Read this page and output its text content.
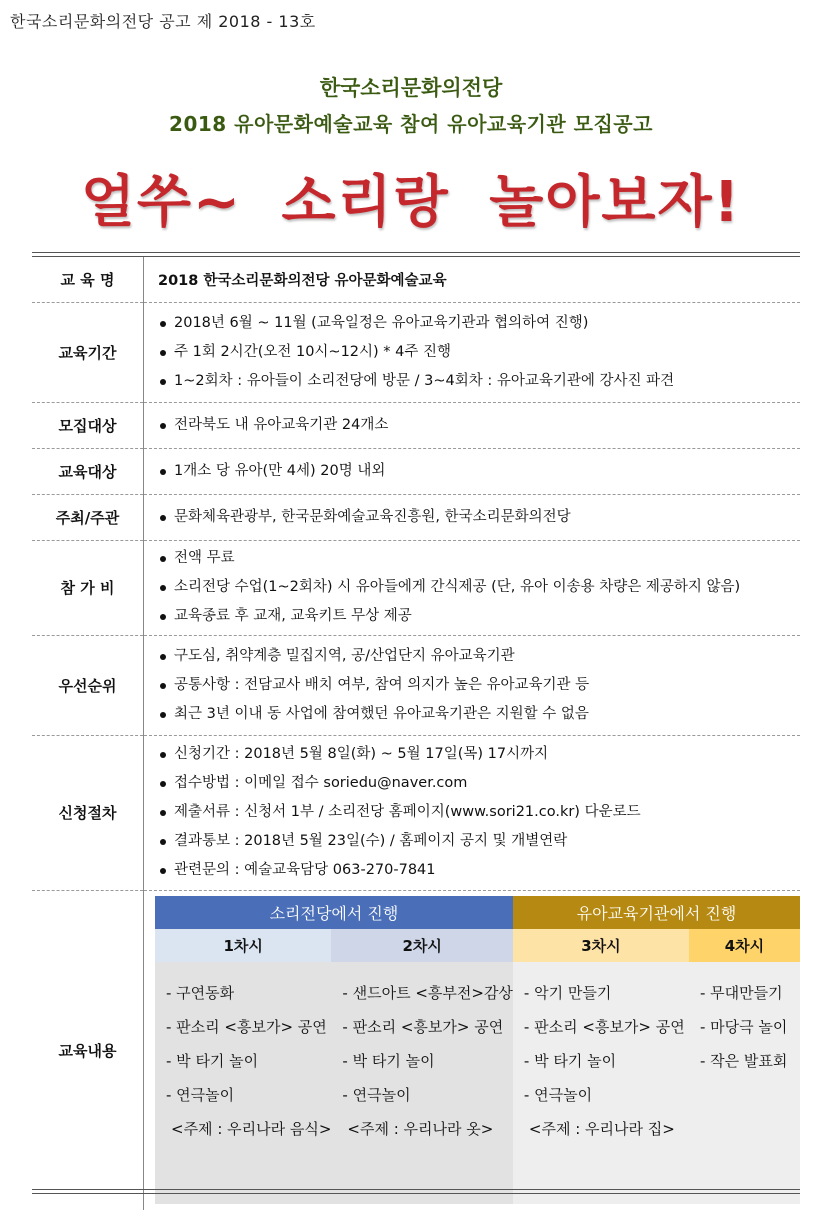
한국소리문화의전당 공고 제 2018 - 13호
한국소리문화의전당
2018 유아문화예술교육 참여 유아교육기관 모집공고
얼쑤~ 소리랑 놀아보자!
교 육 명	2018 한국소리문화의전당 유아문화예술교육
교육기간	
2018년 6월 ~ 11월 (교육일정은 유아교육기관과 협의하여 진행)
주 1회 2시간(오전 10시~12시) * 4주 진행
1~2회차 : 유아들이 소리전당에 방문 / 3~4회차 : 유아교육기관에 강사진 파견

모집대상	전라북도 내 유아교육기관 24개소

교육대상	1개소 당 유아(만 4세) 20명 내외

주최/주관	문화체육관광부, 한국문화예술교육진흥원, 한국소리문화의전당

참 가 비	
전액 무료
소리전당 수업(1~2회차) 시 유아들에게 간식제공 (단, 유아 이송용 차량은 제공하지 않음)
교육종료 후 교재, 교육키트 무상 제공

우선순위	
구도심, 취약계층 밀집지역, 공/산업단지 유아교육기관
공통사항 : 전담교사 배치 여부, 참여 의지가 높은 유아교육기관 등
최근 3년 이내 동 사업에 참여했던 유아교육기관은 지원할 수 없음

신청절차	
신청기간 : 2018년 5월 8일(화) ~ 5월 17일(목) 17시까지
접수방법 : 이메일 접수 soriedu@naver.com
제출서류 : 신청서 1부 / 소리전당 홈페이지(www.sori21.co.kr) 다운로드
결과통보 : 2018년 5월 23일(수) / 홈페이지 공지 및 개별연락
관련문의 : 예술교육담당 063-270-7841

교육내용	
소리전당에서 진행	유아교육기관에서 진행
1차시	2차시	3차시	4차시

- 구연동화
- 판소리 <흥보가> 공연
- 박 타기 놀이
- 연극놀이
<주제 : 우리나라 음식>

- 샌드아트 <흥부전>감상
- 판소리 <흥보가> 공연
- 박 타기 놀이
- 연극놀이
<주제 : 우리나라 옷>

- 악기 만들기
- 판소리 <흥보가> 공연
- 박 타기 놀이
- 연극놀이
<주제 : 우리나라 집>

- 무대만들기
- 마당극 놀이
- 작은 발표회
